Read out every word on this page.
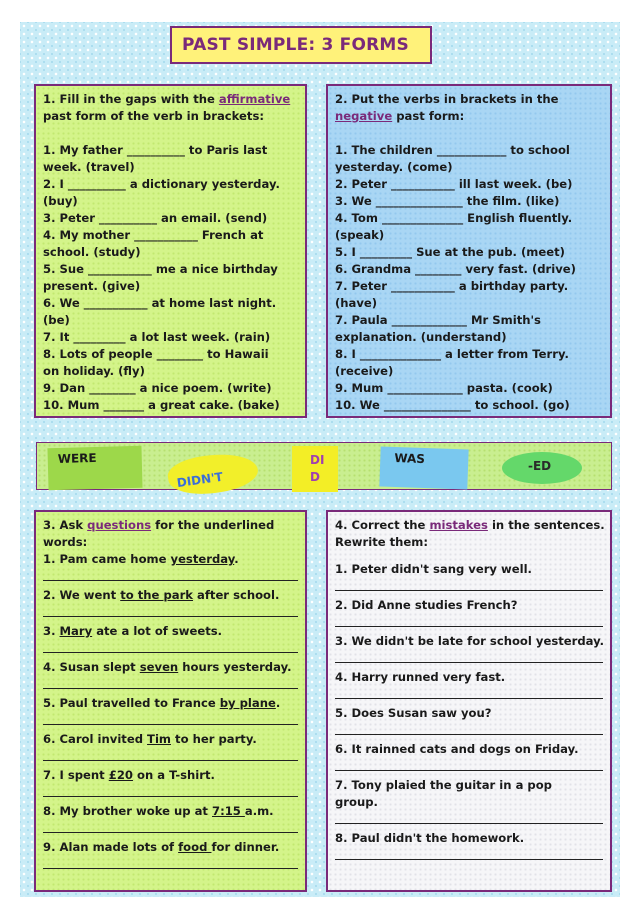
PAST SIMPLE: 3 FORMS
1. Fill in the gaps with the affirmative
past form of the verb in brackets:
1. My father __________ to Paris last
week. (travel)
2. I __________ a dictionary yesterday.
(buy)
3. Peter __________ an email. (send)
4. My mother ___________ French at
school. (study)
5. Sue ___________ me a nice birthday
present. (give)
6. We ___________ at home last night.
(be)
7. It _________ a lot last week. (rain)
8. Lots of people ________ to Hawaii
on holiday. (fly)
9. Dan ________ a nice poem. (write)
10. Mum _______ a great cake. (bake)
2. Put the verbs in brackets in the
negative past form:
1. The children ____________ to school
yesterday. (come)
2. Peter ___________ ill last week. (be)
3. We _______________ the film. (like)
4. Tom ______________ English fluently.
(speak)
5. I _________ Sue at the pub. (meet)
6. Grandma ________ very fast. (drive)
7. Peter ___________ a birthday party.
(have)
7. Paula _____________ Mr Smith's
explanation. (understand)
8. I ______________ a letter from Terry.
(receive)
9. Mum _____________ pasta. (cook)
10. We _______________ to school. (go)
WERE
DIDN'T
DI
D
WAS	-ED
3. Ask questions for the underlined
words:
1. Pam came home yesterday.
2. We went to the park after school.
3. Mary ate a lot of sweets.
4. Susan slept seven hours yesterday.
5. Paul travelled to France by plane.
6. Carol invited Tim to her party.
7. I spent £20 on a T-shirt.
8. My brother woke up at 7:15 a.m.
9. Alan made lots of food for dinner.
4. Correct the mistakes in the sentences.
Rewrite them:
1. Peter didn't sang very well.
2. Did Anne studies French?
3. We didn't be late for school yesterday.
4. Harry runned very fast.
5. Does Susan saw you?
6. It rainned cats and dogs on Friday.
7. Tony plaied the guitar in a pop
group.
8. Paul didn't the homework.
